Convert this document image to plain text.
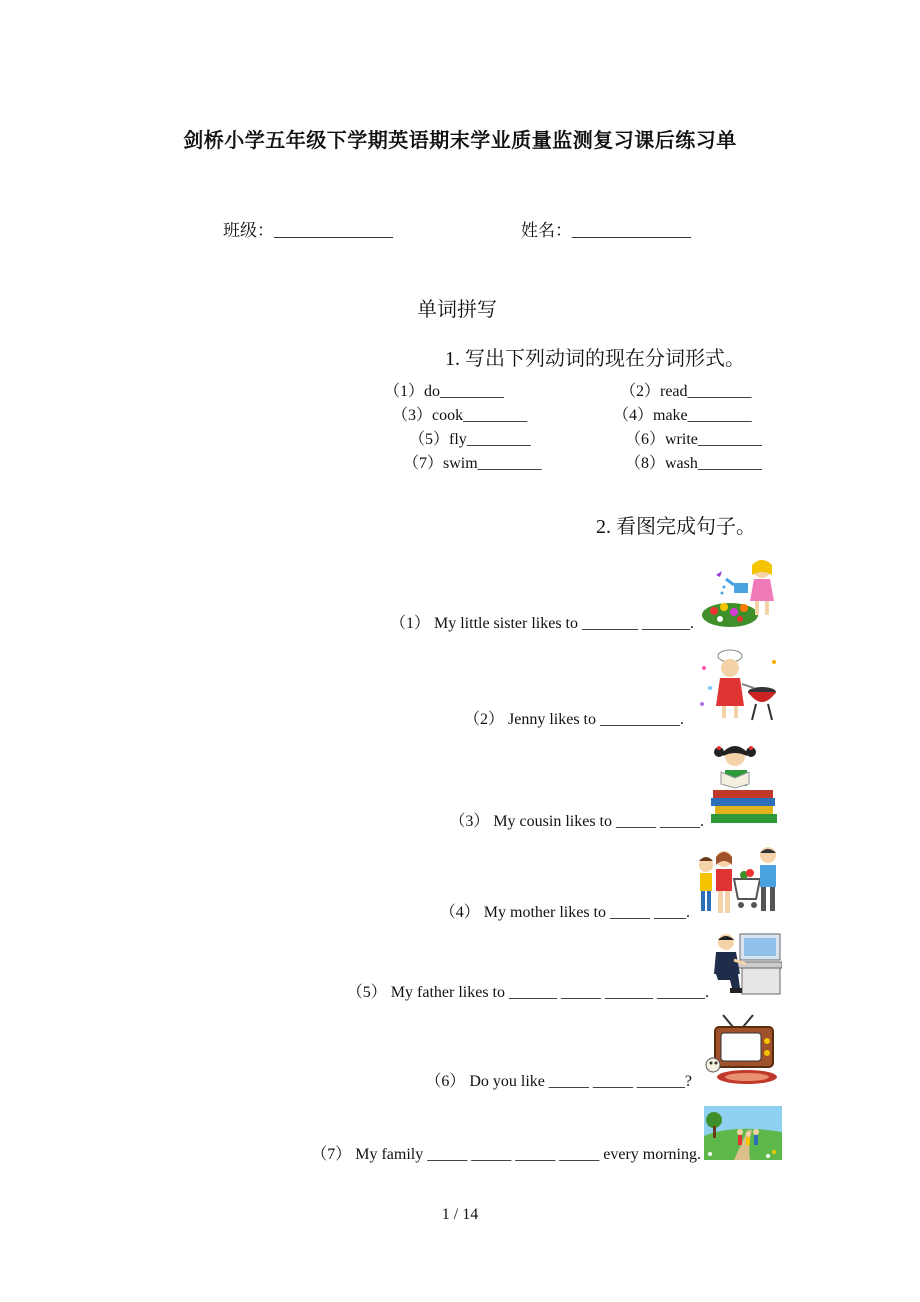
剑桥小学五年级下学期英语期末学业质量监测复习课后练习单
班级：______________	姓名：______________
单词拼写
1. 写出下列动词的现在分词形式。
（1）do________	（2）read________
（3）cook________	（4）make________
（5）fly________	（6）write________
（7）swim________	（8）wash________
2. 看图完成句子。
（1） My little sister likes to _______ ______.
（2） Jenny likes to __________.
（3） My cousin likes to _____ _____.
（4） My mother likes to _____ ____.
（5） My father likes to ______ _____ ______ ______.
（6） Do you like _____ _____ ______?
（7） My family _____ _____ _____ _____ every morning.
1 / 14
